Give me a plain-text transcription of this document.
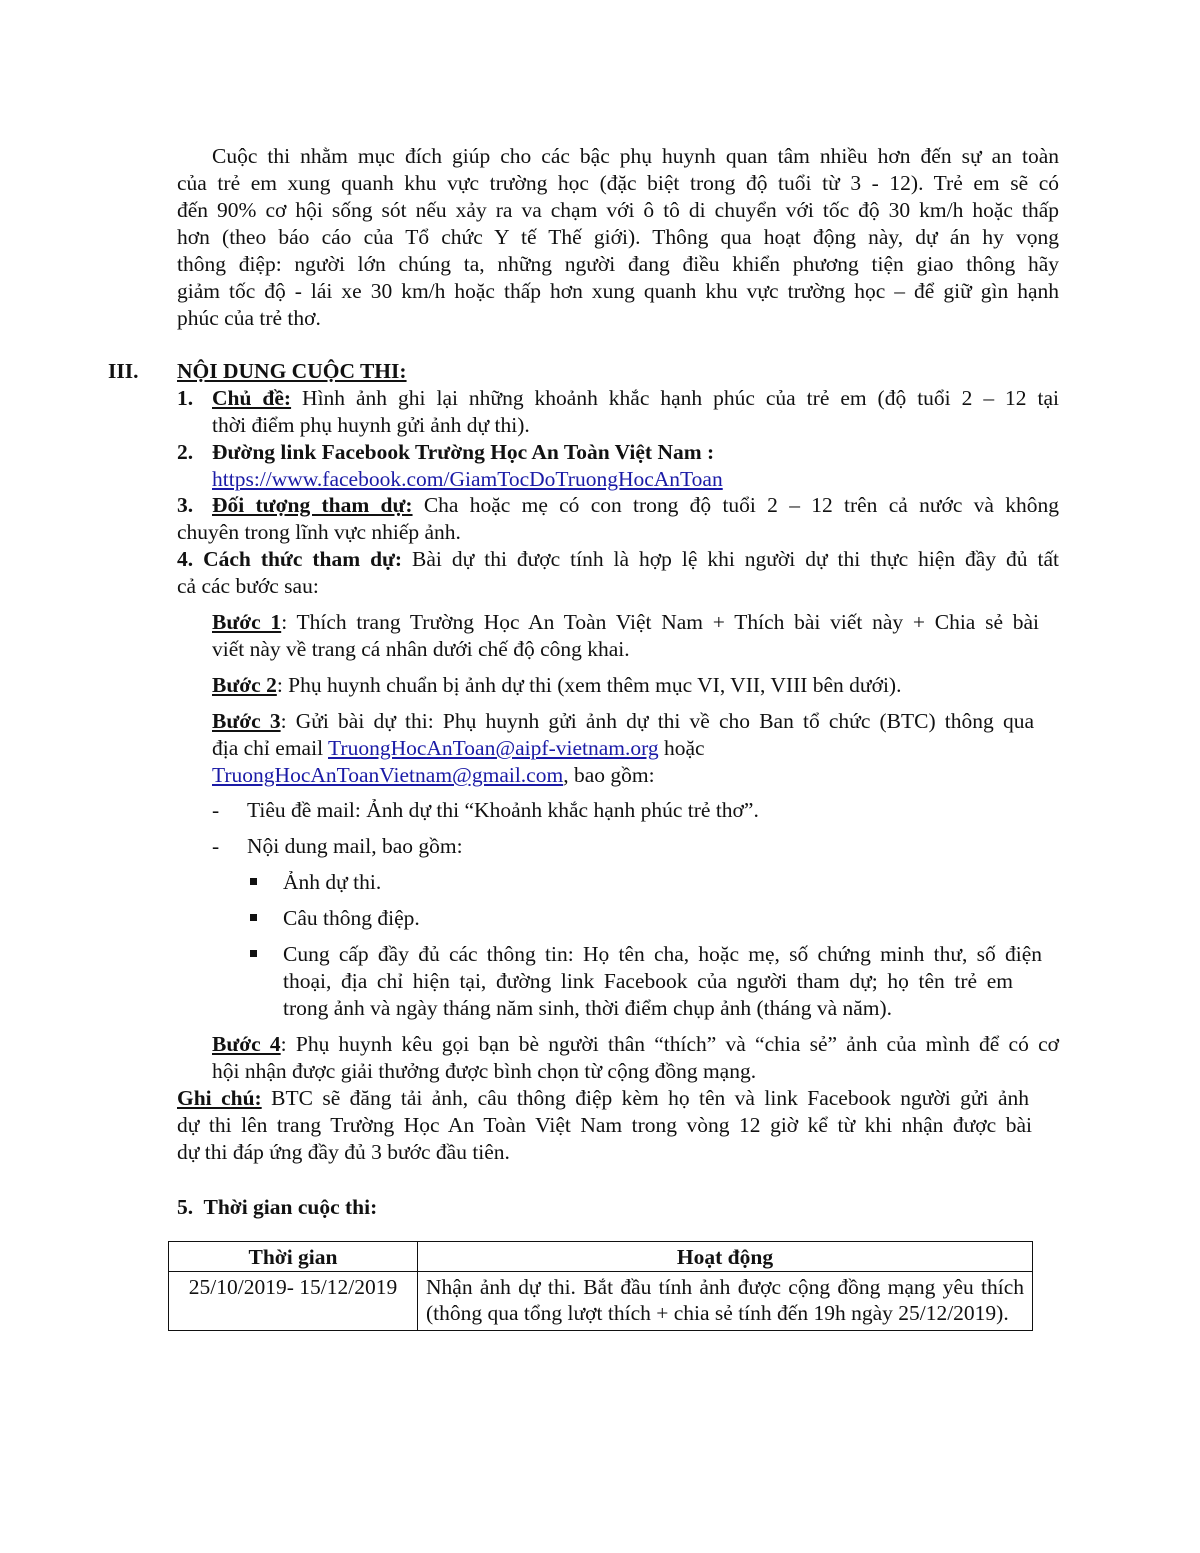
Cuộc thi nhằm mục đích giúp cho các bậc phụ huynh quan tâm nhiều hơn đến sự an toàn
của trẻ em xung quanh khu vực trường học (đặc biệt trong độ tuổi từ 3 - 12). Trẻ em sẽ có
đến 90% cơ hội sống sót nếu xảy ra va chạm với ô tô di chuyển với tốc độ 30 km/h hoặc thấp
hơn (theo báo cáo của Tổ chức Y tế Thế giới). Thông qua hoạt động này, dự án hy vọng
thông điệp: người lớn chúng ta, những người đang điều khiển phương tiện giao thông hãy
giảm tốc độ - lái xe 30 km/h hoặc thấp hơn xung quanh khu vực trường học – để giữ gìn hạnh
phúc của trẻ thơ.
III. NỘI DUNG CUỘC THI:
1. Chủ đề: Hình ảnh ghi lại những khoảnh khắc hạnh phúc của trẻ em (độ tuổi 2 – 12 tại
thời điểm phụ huynh gửi ảnh dự thi).
2. Đường link Facebook Trường Học An Toàn Việt Nam :
https://www.facebook.com/GiamTocDoTruongHocAnToan
3. Đối tượng tham dự: Cha hoặc mẹ có con trong độ tuổi 2 – 12 trên cả nước và không
chuyên trong lĩnh vực nhiếp ảnh.
4. Cách thức tham dự: Bài dự thi được tính là hợp lệ khi người dự thi thực hiện đầy đủ tất
cả các bước sau:
Bước 1: Thích trang Trường Học An Toàn Việt Nam + Thích bài viết này + Chia sẻ bài
viết này về trang cá nhân dưới chế độ công khai.
Bước 2: Phụ huynh chuẩn bị ảnh dự thi (xem thêm mục VI, VII, VIII bên dưới).
Bước 3: Gửi bài dự thi: Phụ huynh gửi ảnh dự thi về cho Ban tổ chức (BTC) thông qua
địa chỉ email TruongHocAnToan@aipf-vietnam.org hoặc
TruongHocAnToanVietnam@gmail.com, bao gồm:
- Tiêu đề mail: Ảnh dự thi “Khoảnh khắc hạnh phúc trẻ thơ”.
- Nội dung mail, bao gồm:
Ảnh dự thi.
Câu thông điệp.
Cung cấp đầy đủ các thông tin: Họ tên cha, hoặc mẹ, số chứng minh thư, số điện
thoại, địa chỉ hiện tại, đường link Facebook của người tham dự; họ tên trẻ em
trong ảnh và ngày tháng năm sinh, thời điểm chụp ảnh (tháng và năm).
Bước 4: Phụ huynh kêu gọi bạn bè người thân “thích” và “chia sẻ” ảnh của mình để có cơ
hội nhận được giải thưởng được bình chọn từ cộng đồng mạng.
Ghi chú: BTC sẽ đăng tải ảnh, câu thông điệp kèm họ tên và link Facebook người gửi ảnh
dự thi lên trang Trường Học An Toàn Việt Nam trong vòng 12 giờ kể từ khi nhận được bài
dự thi đáp ứng đầy đủ 3 bước đầu tiên.
5.  Thời gian cuộc thi:
Thời gian	Hoạt động
25/10/2019- 15/12/2019	Nhận ảnh dự thi. Bắt đầu tính ảnh được cộng đồng mạng yêu thích (thông qua tổng lượt thích + chia sẻ tính đến 19h ngày 25/12/2019).
